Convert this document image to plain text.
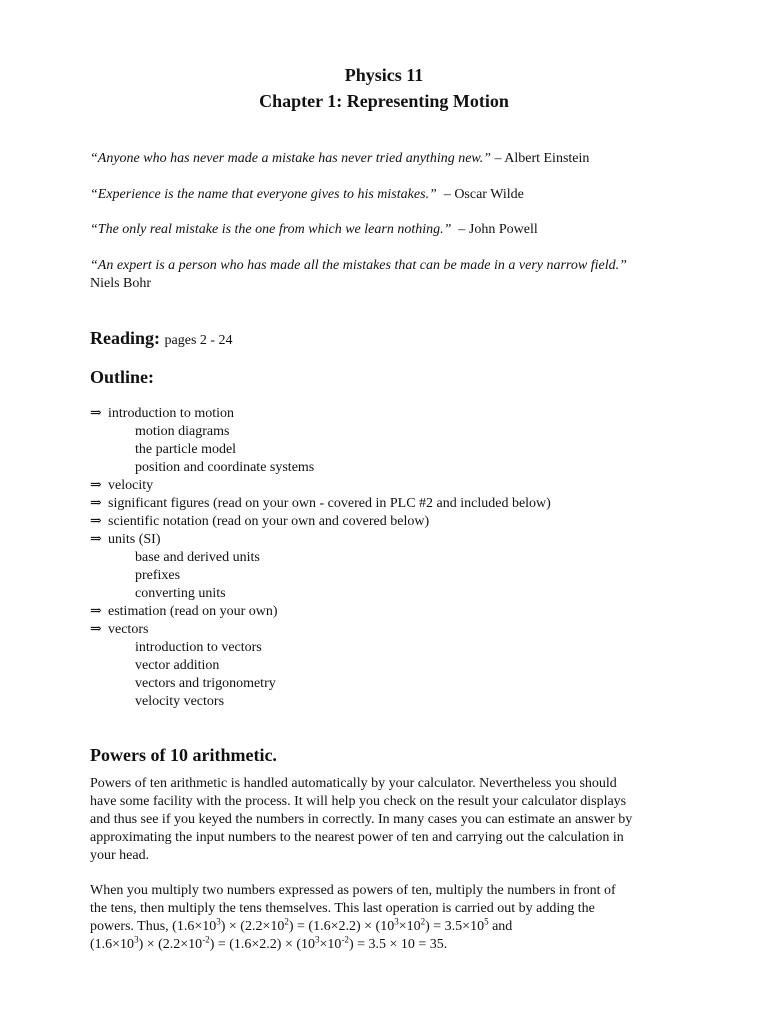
Physics 11
Chapter 1: Representing Motion
“Anyone who has never made a mistake has never tried anything new.” – Albert Einstein
“Experience is the name that everyone gives to his mistakes.”  – Oscar Wilde
“The only real mistake is the one from which we learn nothing.”  – John Powell
“An expert is a person who has made all the mistakes that can be made in a very narrow field.”
Niels Bohr
Reading: pages 2 - 24
Outline:
⇒ introduction to motion
motion diagrams
the particle model
position and coordinate systems
⇒ velocity
⇒ significant figures (read on your own - covered in PLC #2 and included below)
⇒ scientific notation (read on your own and covered below)
⇒ units (SI)
base and derived units
prefixes
converting units
⇒ estimation (read on your own)
⇒ vectors
introduction to vectors
vector addition
vectors and trigonometry
velocity vectors
Powers of 10 arithmetic.
Powers of ten arithmetic is handled automatically by your calculator. Nevertheless you should
have some facility with the process. It will help you check on the result your calculator displays
and thus see if you keyed the numbers in correctly. In many cases you can estimate an answer by
approximating the input numbers to the nearest power of ten and carrying out the calculation in
your head.
When you multiply two numbers expressed as powers of ten, multiply the numbers in front of
the tens, then multiply the tens themselves. This last operation is carried out by adding the
powers. Thus, $(1.6\times 10^3) \times (2.2\times 10^2) = (1.6\times 2.2) \times (10^3\times 10^2) = 3.5\times 10^5$ and
$(1.6\times 10^3) \times (2.2\times 10^{-2}) = (1.6\times 2.2) \times (10^3\times 10^{-2}) = 3.5 \times 10 = 35$.
